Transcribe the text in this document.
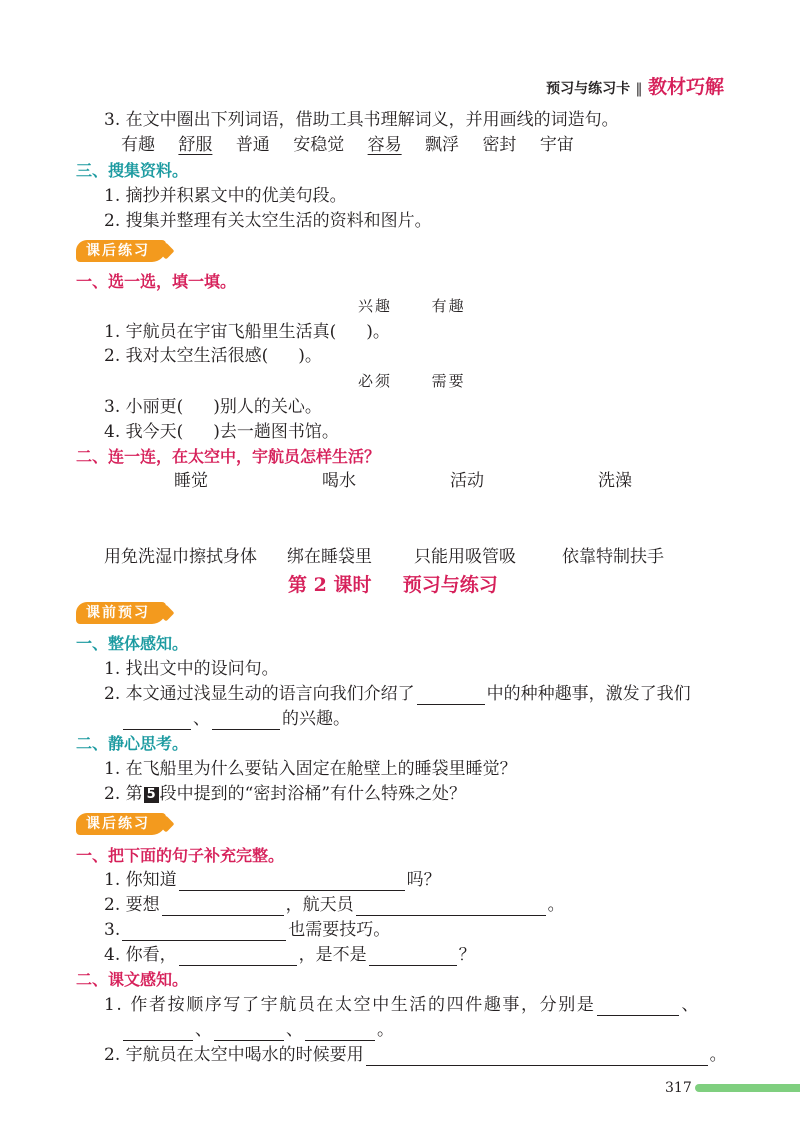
预习与练习卡 ‖ 教材巧解
3. 在文中圈出下列词语，借助工具书理解词义，并用画线的词造句。
有趣 舒服 普通 安稳觉 容易 飘浮 密封 宇宙
三、搜集资料。
1. 摘抄并积累文中的优美句段。
2. 搜集并整理有关太空生活的资料和图片。
课后练习
一、选一选，填一填。
兴趣	有趣
1. 宇航员在宇宙飞船里生活真( )。
2. 我对太空生活很感( )。
必须	需要
3. 小丽更( )别人的关心。
4. 我今天( )去一趟图书馆。
二、连一连，在太空中，宇航员怎样生活？
睡觉	喝水	活动	洗澡
用免洗湿巾擦拭身体 绑在睡袋里 只能用吸管吸	依靠特制扶手
第 2 课时 预习与练习
课前预习
一、整体感知。
1. 找出文中的设问句。
2. 本文通过浅显生动的语言向我们介绍了	中的种种趣事，激发了我们
、	的兴趣。
二、静心思考。
1. 在飞船里为什么要钻入固定在舱壁上的睡袋里睡觉？
2. 第 5 段中提到的“密封浴桶”有什么特殊之处？
课后练习
一、把下面的句子补充完整。
1. 你知道	吗？
2. 要想	，航天员	。
3.	也需要技巧。
4. 你看，	，是不是	？
二、课文感知。
1. 作者按顺序写了宇航员在太空中生活的四件趣事，分别是	、
、	、	。
2. 宇航员在太空中喝水的时候要用	。
317
